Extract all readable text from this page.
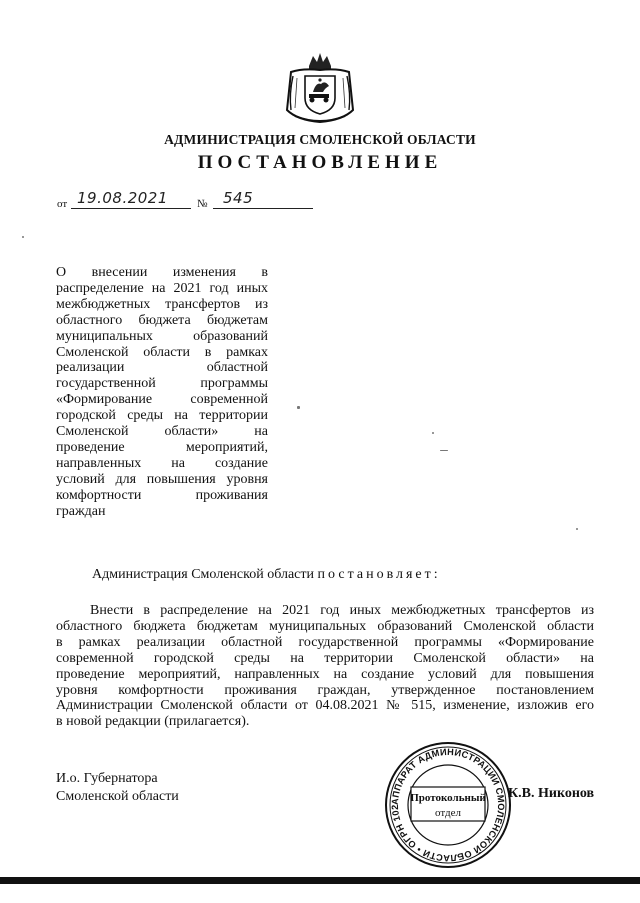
АДМИНИСТРАЦИЯ СМОЛЕНСКОЙ ОБЛАСТИ
ПОСТАНОВЛЕНИЕ
от 19.08.2021	№ 545
О внесении изменения в
распределение на 2021 год иных
межбюджетных трансфертов из
областного бюджета бюджетам
муниципальных образований
Смоленской области в рамках
реализации областной
государственной программы
«Формирование современной
городской среды на территории
Смоленской области» на
проведение мероприятий,
направленных на создание
условий для повышения уровня
комфортности проживания
граждан
Администрация Смоленской области постановляет:
Внести в распределение на 2021 год иных межбюджетных трансфертов из
областного бюджета бюджетам муниципальных образований Смоленской области
в рамках реализации областной государственной программы «Формирование
современной городской среды на территории Смоленской области» на
проведение мероприятий, направленных на создание условий для повышения
уровня комфортности проживания граждан, утвержденное постановлением
Администрации Смоленской области от 04.08.2021 № 515, изменение, изложив его
в новой редакции (прилагается).
И.о. Губернатора
Смоленской области	АППАРАТ АДМИНИСТРАЦИИ СМОЛЕНСКОЙ ОБЛАСТИ • ОГРН 102
Протокольный
отдел
К.В. Никонов
